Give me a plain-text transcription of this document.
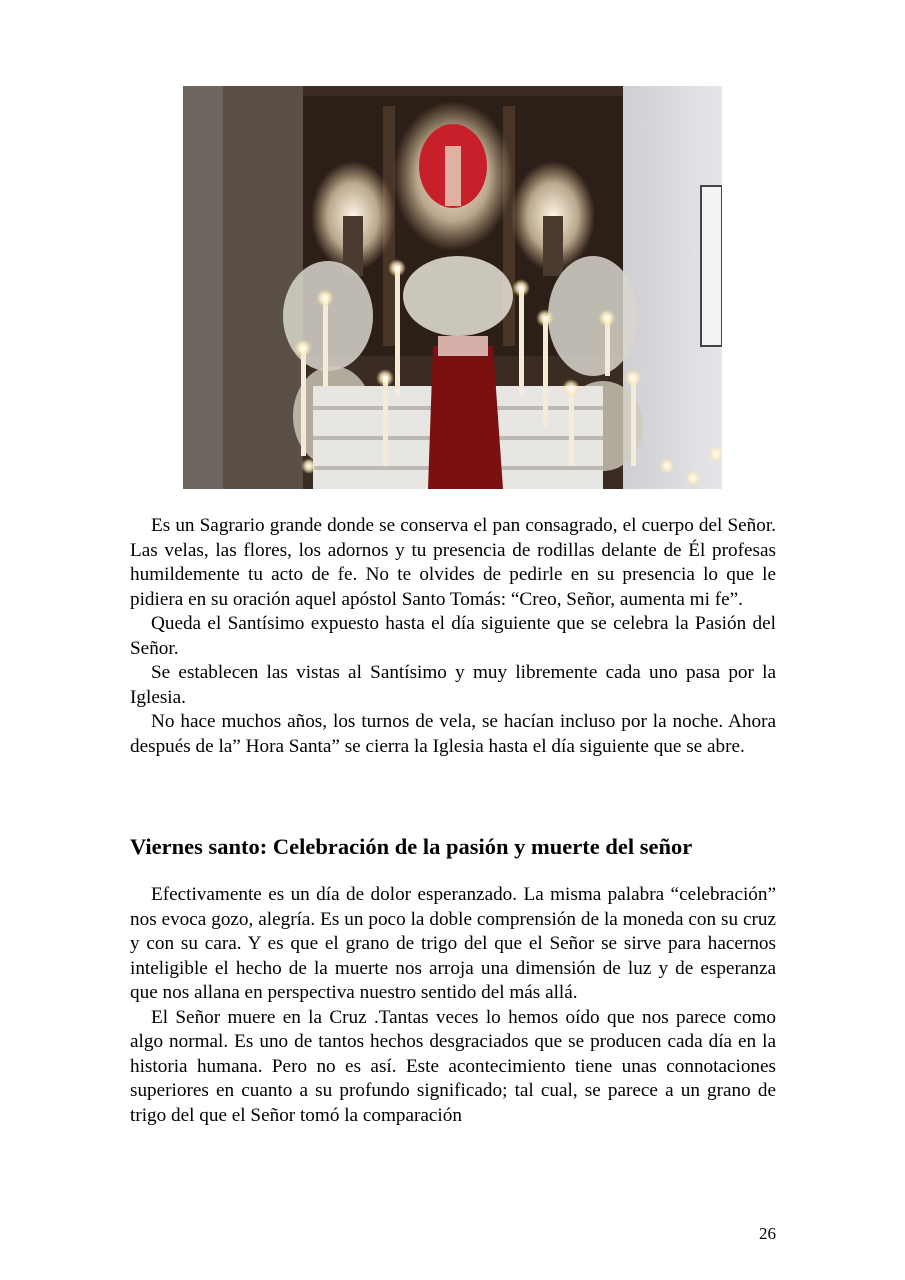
Es un Sagrario grande donde se conserva el pan consagrado, el cuerpo del Señor. Las velas, las flores, los adornos y tu presencia de rodillas delante de Él profesas humildemente tu acto de fe. No te olvides de pedirle en su presencia lo que le pidiera en su oración aquel apóstol Santo Tomás: “Creo, Señor, aumenta mi fe”.

Queda el Santísimo expuesto hasta el día siguiente que se celebra la Pasión del Señor.

Se establecen las vistas al Santísimo y muy libremente cada uno pasa por la Iglesia.

No hace muchos años, los turnos de vela, se hacían incluso por la noche. Ahora después de la” Hora Santa” se cierra la Iglesia hasta el día siguiente que se abre.

Viernes santo: Celebración de la pasión y muerte del señor

Efectivamente es un día de dolor esperanzado. La misma palabra “celebración” nos evoca gozo, alegría. Es un poco la doble comprensión de la moneda con su cruz y con su cara. Y es que el grano de trigo del que el Señor se sirve para hacernos inteligible el hecho de la muerte nos arroja una dimensión de luz y de esperanza que nos allana en perspectiva nuestro sentido del más allá.

El Señor muere en la Cruz .Tantas veces lo hemos oído que nos parece como algo normal. Es uno de tantos hechos desgraciados que se producen cada día en la historia humana. Pero no es así. Este acontecimiento tiene unas connotaciones superiores en cuanto a su profundo significado; tal cual, se parece a un grano de trigo del que el Señor tomó la comparación

26
